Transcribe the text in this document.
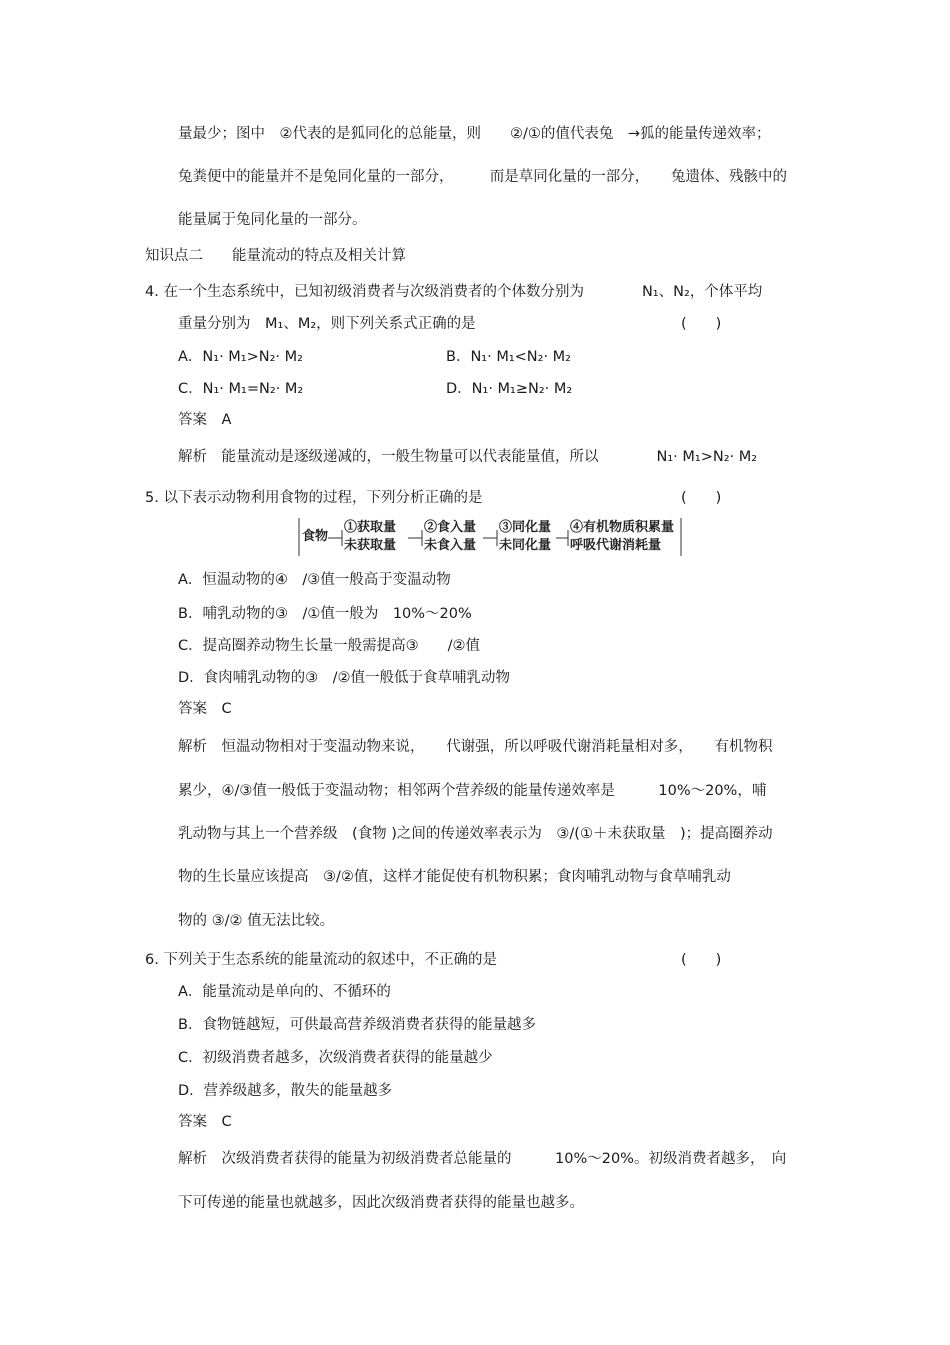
量最少；图中　②代表的是狐同化的总能量，则　　②/①的值代表兔　→狐的能量传递效率；
兔粪便中的能量并不是兔同化量的一部分，　　　而是草同化量的一部分，　　兔遗体、残骸中的
能量属于兔同化量的一部分。
知识点二　　能量流动的特点及相关计算
4. 在一个生态系统中，已知初级消费者与次级消费者的个体数分别为　　　　N₁、N₂，个体平均
重量分别为　M₁、M₂，则下列关系式正确的是	(　　)
A．N₁· M₁>N₂· M₂	B．N₁· M₁<N₂· M₂
C．N₁· M₁=N₂· M₂	D．N₁· M₁≥N₂· M₂
答案　A
解析　能量流动是逐级递减的，一般生物量可以代表能量值，所以　　　　N₁· M₁>N₂· M₂
5. 以下表示动物利用食物的过程，下列分析正确的是	(　　)
食物
①获取量
未获取量
②食入量
未食入量
③同化量
未同化量
④有机物质积累量
呼吸代谢消耗量
A．恒温动物的④　/③值一般高于变温动物
B．哺乳动物的③　/①值一般为　10%～20%
C．提高圈养动物生长量一般需提高③　　/②值
D．食肉哺乳动物的③　/②值一般低于食草哺乳动物
答案　C
解析　恒温动物相对于变温动物来说，　　代谢强，所以呼吸代谢消耗量相对多，　　有机物积
累少，④/③值一般低于变温动物；相邻两个营养级的能量传递效率是　　　10%～20%，哺
乳动物与其上一个营养级　(食物 )之间的传递效率表示为　③/(①＋未获取量　)；提高圈养动
物的生长量应该提高　③/②值，这样才能促使有机物积累；食肉哺乳动物与食草哺乳动
物的 ③/② 值无法比较。
6. 下列关于生态系统的能量流动的叙述中，不正确的是	(　　)
A．能量流动是单向的、不循环的
B．食物链越短，可供最高营养级消费者获得的能量越多
C．初级消费者越多，次级消费者获得的能量越少
D．营养级越多，散失的能量越多
答案　C
解析　次级消费者获得的能量为初级消费者总能量的　　　10%～20%。初级消费者越多，　向
下可传递的能量也就越多，因此次级消费者获得的能量也越多。
